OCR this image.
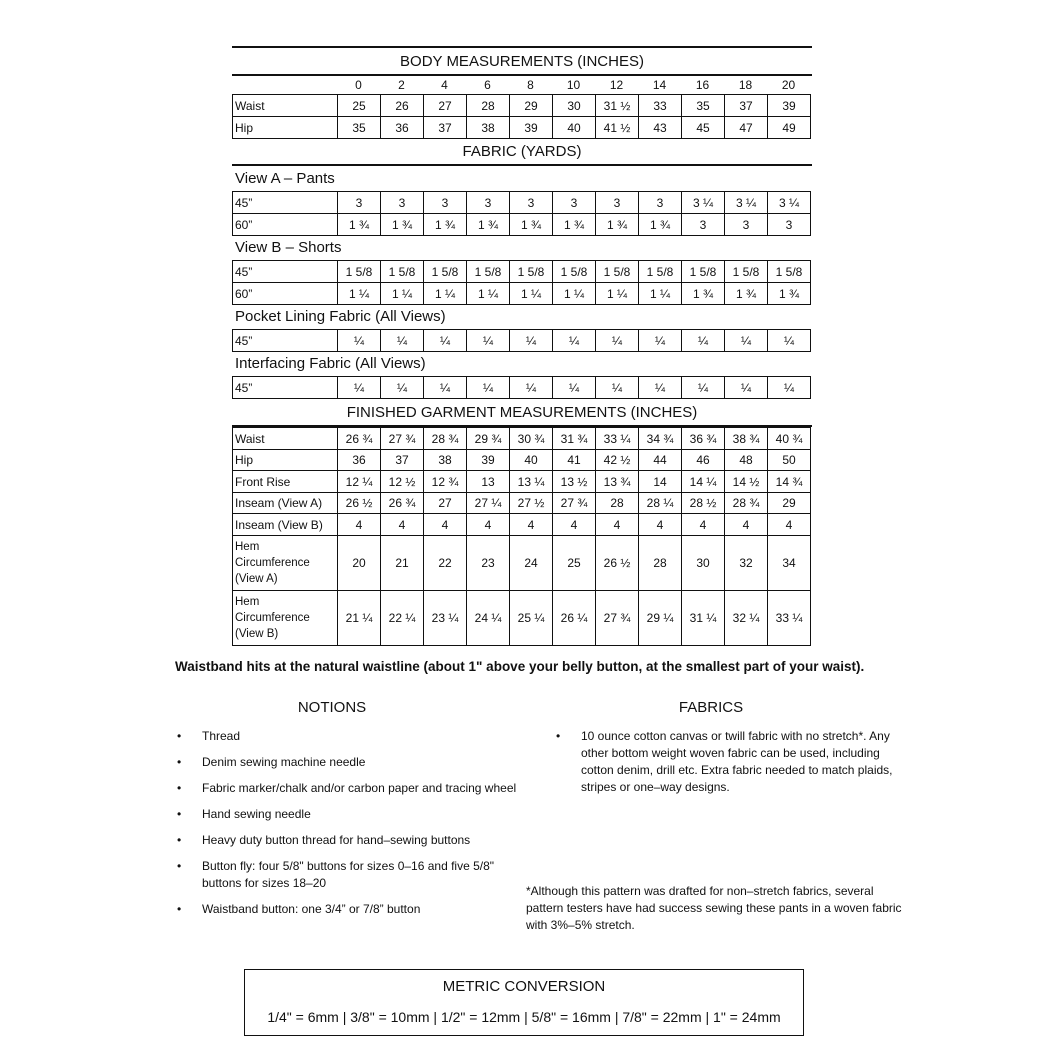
BODY MEASUREMENTS (INCHES)
0	2	4	6	8	10	12	14	16	18	20
Waist	25	26	27	28	29	30	31 ½	33	35	37	39
Hip	35	36	37	38	39	40	41 ½	43	45	47	49
FABRIC (YARDS)
View A – Pants
45”	3	3	3	3	3	3	3	3	3 ¼	3 ¼	3 ¼
60”	1 ¾	1 ¾	1 ¾	1 ¾	1 ¾	1 ¾	1 ¾	1 ¾	3	3	3
View B – Shorts
45”	1 5/8	1 5/8	1 5/8	1 5/8	1 5/8	1 5/8	1 5/8	1 5/8	1 5/8	1 5/8	1 5/8
60”	1 ¼	1 ¼	1 ¼	1 ¼	1 ¼	1 ¼	1 ¼	1 ¼	1 ¾	1 ¾	1 ¾
Pocket Lining Fabric (All Views)
45”	¼	¼	¼	¼	¼	¼	¼	¼	¼	¼	¼
Interfacing Fabric (All Views)
45”	¼	¼	¼	¼	¼	¼	¼	¼	¼	¼	¼
FINISHED GARMENT MEASUREMENTS (INCHES)
Waist	26 ¾	27 ¾	28 ¾	29 ¾	30 ¾	31 ¾	33 ¼	34 ¾	36 ¾	38 ¾	40 ¾
Hip	36	37	38	39	40	41	42 ½	44	46	48	50
Front Rise	12 ¼	12 ½	12 ¾	13	13 ¼	13 ½	13 ¾	14	14 ¼	14 ½	14 ¾
Inseam (View A)	26 ½	26 ¾	27	27 ¼	27 ½	27 ¾	28	28 ¼	28 ½	28 ¾	29
Inseam (View B)	4	4	4	4	4	4	4	4	4	4	4
Hem Circumference (View A)	20	21	22	23	24	25	26 ½	28	30	32	34
Hem Circumference (View B)	21 ¼	22 ¼	23 ¼	24 ¼	25 ¼	26 ¼	27 ¾	29 ¼	31 ¼	32 ¼	33 ¼
Waistband hits at the natural waistline (about 1" above your belly button, at the smallest part of your waist).
NOTIONS
• Thread
• Denim sewing machine needle
• Fabric marker/chalk and/or carbon paper and tracing wheel
• Hand sewing needle
• Heavy duty button thread for hand–sewing buttons
• Button fly: four 5/8" buttons for sizes 0–16 and five 5/8" buttons for sizes 18–20
• Waistband button: one 3/4” or 7/8” button
FABRICS
• 10 ounce cotton canvas or twill fabric with no stretch*. Any other bottom weight woven fabric can be used, including cotton denim, drill etc. Extra fabric needed to match plaids, stripes or one–way designs.
*Although this pattern was drafted for non–stretch fabrics, several pattern testers have had success sewing these pants in a woven fabric with 3%–5% stretch.
METRIC CONVERSION
1/4" = 6mm | 3/8" = 10mm | 1/2" = 12mm | 5/8" = 16mm | 7/8" = 22mm | 1" = 24mm
